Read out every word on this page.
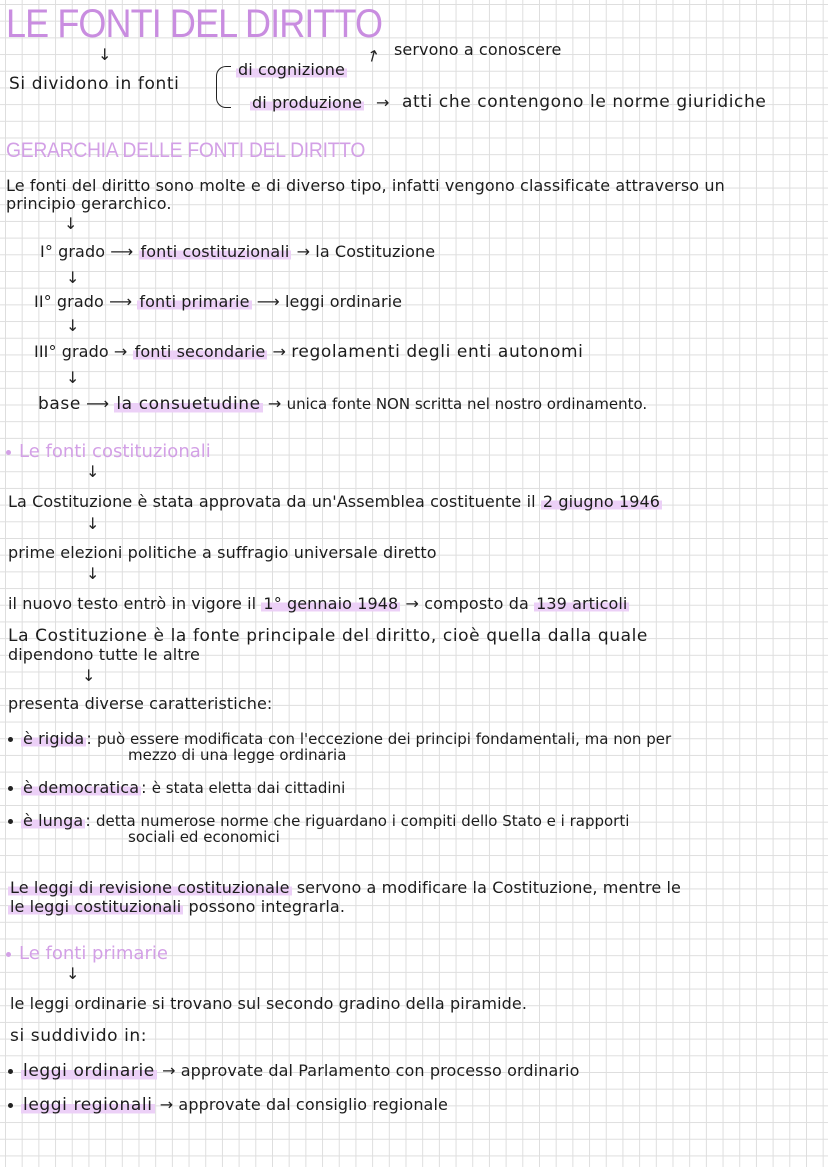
LE FONTI DEL DIRITTO
↓
Si dividono in fonti
di cognizione
↗ servono a conoscere
di produzione → atti che contengono le norme giuridiche
GERARCHIA DELLE FONTI DEL DIRITTO
Le fonti del diritto sono molte e di diverso tipo, infatti vengono classificate attraverso un
principio gerarchico.
↓
I° grado ⟶ fonti costituzionali → la Costituzione
↓
II° grado ⟶ fonti primarie ⟶ leggi ordinarie
↓
III° grado → fonti secondarie → regolamenti degli enti autonomi
↓
base ⟶ la consuetudine → unica fonte NON scritta nel nostro ordinamento.
Le fonti costituzionali
↓
La Costituzione è stata approvata da un'Assemblea costituente il 2 giugno 1946
↓
prime elezioni politiche a suffragio universale diretto
↓
il nuovo testo entrò in vigore il 1° gennaio 1948 → composto da 139 articoli
La Costituzione è la fonte principale del diritto, cioè quella dalla quale
dipendono tutte le altre
↓
presenta diverse caratteristiche:
è rigida : può essere modificata con l'eccezione dei principi fondamentali, ma non per
mezzo di una legge ordinaria
è democratica : è stata eletta dai cittadini
è lunga : detta numerose norme che riguardano i compiti dello Stato e i rapporti
sociali ed economici
Le leggi di revisione costituzionale servono a modificare la Costituzione, mentre le
le leggi costituzionali possono integrarla.
Le fonti primarie
↓
le leggi ordinarie si trovano sul secondo gradino della piramide.
si suddivido in:
leggi ordinarie → approvate dal Parlamento con processo ordinario
leggi regionali → approvate dal consiglio regionale
